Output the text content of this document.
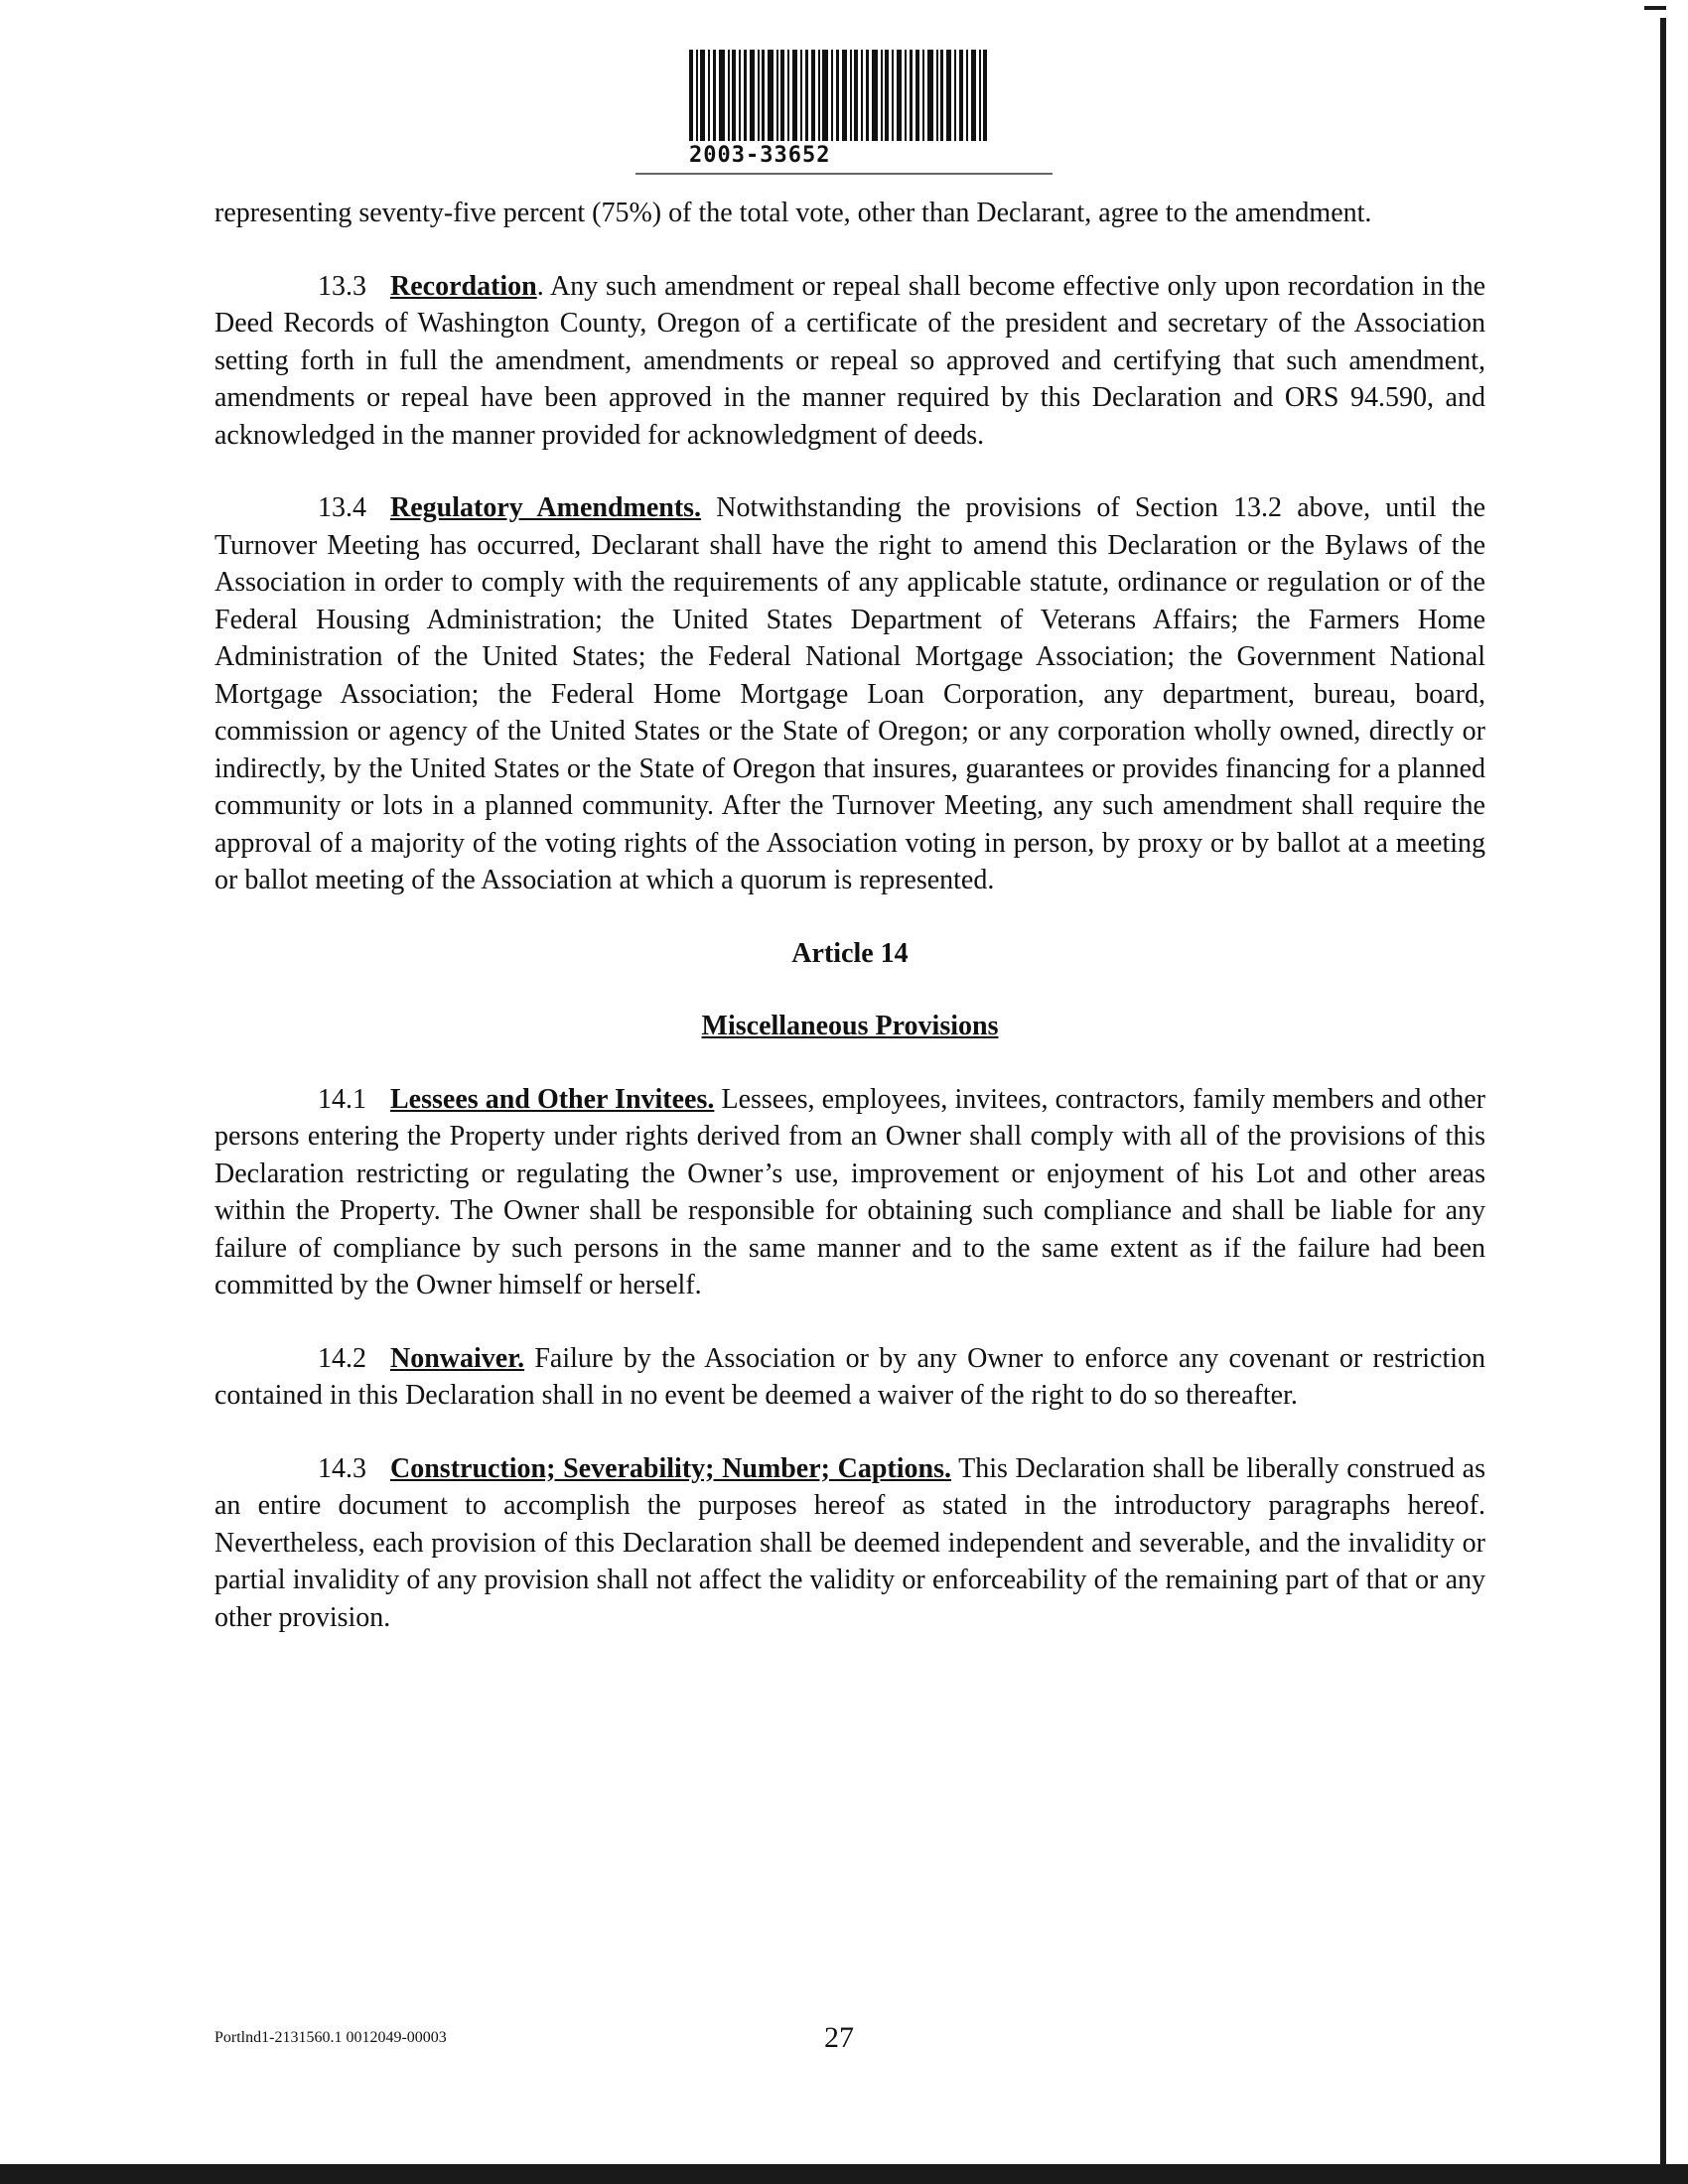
2003-33652

representing seventy-five percent (75%) of the total vote, other than Declarant, agree to the amendment.

13.3 Recordation. Any such amendment or repeal shall become effective only upon recordation in the Deed Records of Washington County, Oregon of a certificate of the president and secretary of the Association setting forth in full the amendment, amendments or repeal so approved and certifying that such amendment, amendments or repeal have been approved in the manner required by this Declaration and ORS 94.590, and acknowledged in the manner provided for acknowledgment of deeds.

13.4 Regulatory Amendments. Notwithstanding the provisions of Section 13.2 above, until the Turnover Meeting has occurred, Declarant shall have the right to amend this Declaration or the Bylaws of the Association in order to comply with the requirements of any applicable statute, ordinance or regulation or of the Federal Housing Administration; the United States Department of Veterans Affairs; the Farmers Home Administration of the United States; the Federal National Mortgage Association; the Government National Mortgage Association; the Federal Home Mortgage Loan Corporation, any department, bureau, board, commission or agency of the United States or the State of Oregon; or any corporation wholly owned, directly or indirectly, by the United States or the State of Oregon that insures, guarantees or provides financing for a planned community or lots in a planned community. After the Turnover Meeting, any such amendment shall require the approval of a majority of the voting rights of the Association voting in person, by proxy or by ballot at a meeting or ballot meeting of the Association at which a quorum is represented.

Article 14

Miscellaneous Provisions

14.1 Lessees and Other Invitees. Lessees, employees, invitees, contractors, family members and other persons entering the Property under rights derived from an Owner shall comply with all of the provisions of this Declaration restricting or regulating the Owner’s use, improvement or enjoyment of his Lot and other areas within the Property. The Owner shall be responsible for obtaining such compliance and shall be liable for any failure of compliance by such persons in the same manner and to the same extent as if the failure had been committed by the Owner himself or herself.

14.2 Nonwaiver. Failure by the Association or by any Owner to enforce any covenant or restriction contained in this Declaration shall in no event be deemed a waiver of the right to do so thereafter.

14.3 Construction; Severability; Number; Captions. This Declaration shall be liberally construed as an entire document to accomplish the purposes hereof as stated in the introductory paragraphs hereof. Nevertheless, each provision of this Declaration shall be deemed independent and severable, and the invalidity or partial invalidity of any provision shall not affect the validity or enforceability of the remaining part of that or any other provision.

Portlnd1-2131560.1 0012049-00003	27
